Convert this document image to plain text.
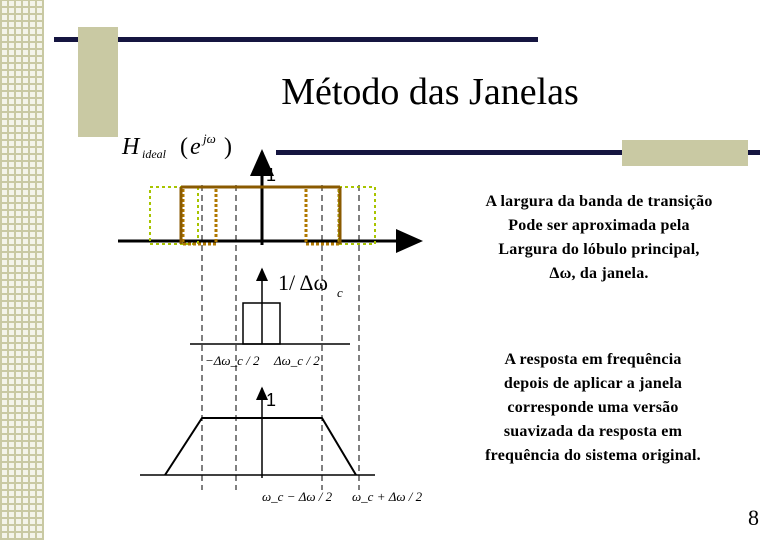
Método das Janelas
H ideal ( e jω )
1
1/ Δω c
−Δω_c / 2 Δω_c / 2
1
ω_c − Δω / 2 ω_c + Δω / 2
A largura da banda de transição
Pode ser aproximada pela
Largura do lóbulo principal,
Δω, da janela.
A resposta em frequência
depois de aplicar a janela
corresponde uma versão
suavizada da resposta em
frequência do sistema original.
8
